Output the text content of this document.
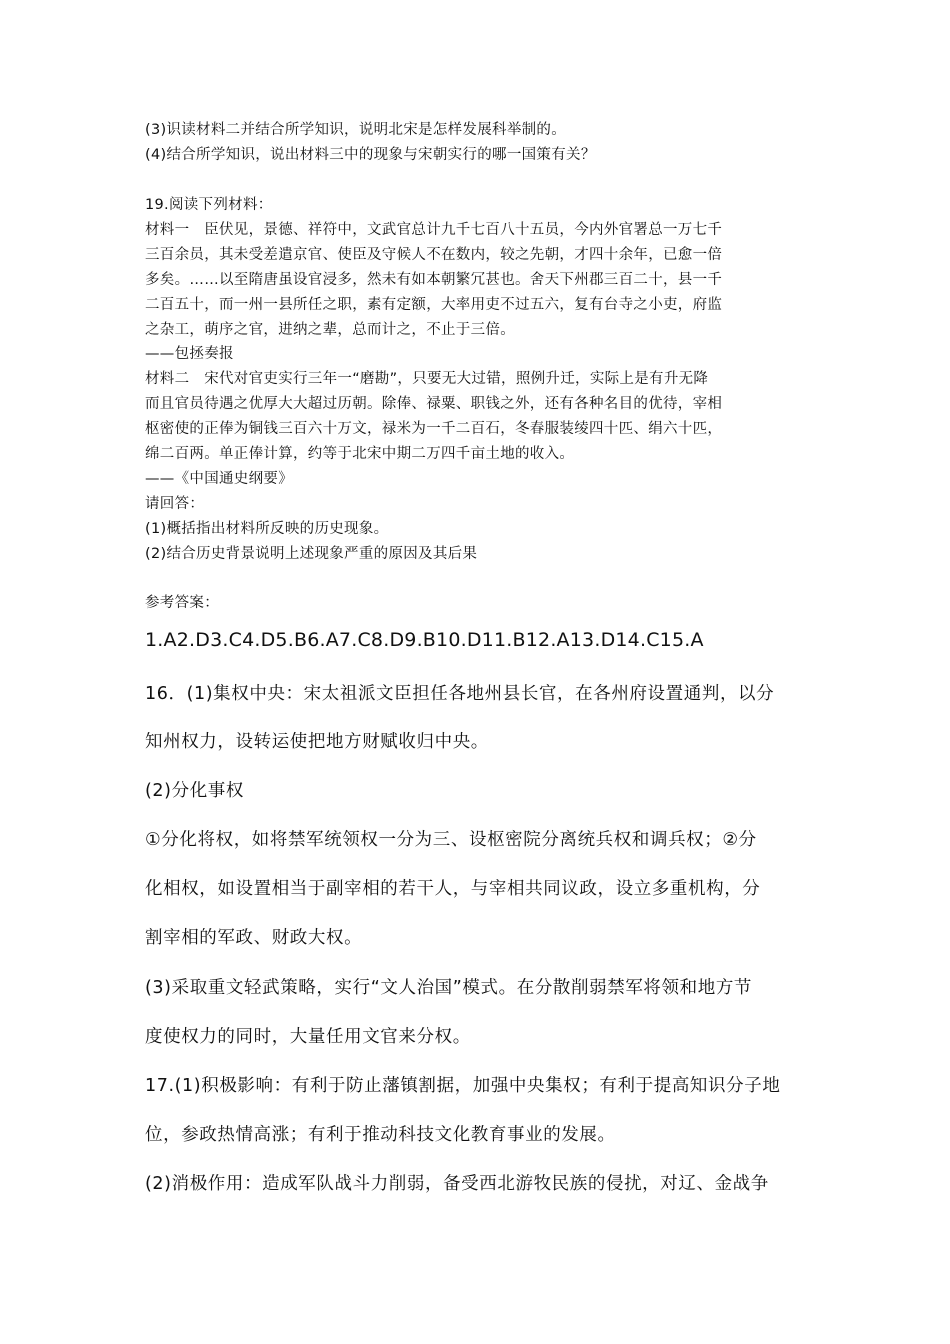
(3)识读材料二并结合所学知识，说明北宋是怎样发展科举制的。
(4)结合所学知识，说出材料三中的现象与宋朝实行的哪一国策有关？
19.阅读下列材料：
材料一　臣伏见，景德、祥符中，文武官总计九千七百八十五员，今内外官署总一万七千
三百余员，其未受差遣京官、使臣及守候人不在数内，较之先朝，才四十余年，已愈一倍
多矣。……以至隋唐虽设官浸多，然未有如本朝繁冗甚也。舍天下州郡三百二十，县一千
二百五十，而一州一县所任之职，素有定额，大率用吏不过五六，复有台寺之小吏，府监
之杂工，萌序之官，进纳之辈，总而计之，不止于三倍。
——包拯奏报
材料二　宋代对官吏实行三年一“磨勘”，只要无大过错，照例升迁，实际上是有升无降
而且官员待遇之优厚大大超过历朝。除俸、禄粟、职钱之外，还有各种名目的优待，宰相
枢密使的正俸为铜钱三百六十万文，禄米为一千二百石，冬春服装绫四十匹、绢六十匹，
绵二百两。单正俸计算，约等于北宋中期二万四千亩土地的收入。
——《中国通史纲要》
请回答：
(1)概括指出材料所反映的历史现象。
(2)结合历史背景说明上述现象严重的原因及其后果
参考答案：
1.A2.D3.C4.D5.B6.A7.C8.D9.B10.D11.B12.A13.D14.C15.A
16．(1)集权中央：宋太祖派文臣担任各地州县长官，在各州府设置通判，以分
知州权力，设转运使把地方财赋收归中央。
(2)分化事权
①分化将权，如将禁军统领权一分为三、设枢密院分离统兵权和调兵权；②分
化相权，如设置相当于副宰相的若干人，与宰相共同议政，设立多重机构，分
割宰相的军政、财政大权。
(3)采取重文轻武策略，实行“文人治国”模式。在分散削弱禁军将领和地方节
度使权力的同时，大量任用文官来分权。
17.(1)积极影响：有利于防止藩镇割据，加强中央集权；有利于提高知识分子地
位，参政热情高涨；有利于推动科技文化教育事业的发展。
(2)消极作用：造成军队战斗力削弱，备受西北游牧民族的侵扰，对辽、金战争
